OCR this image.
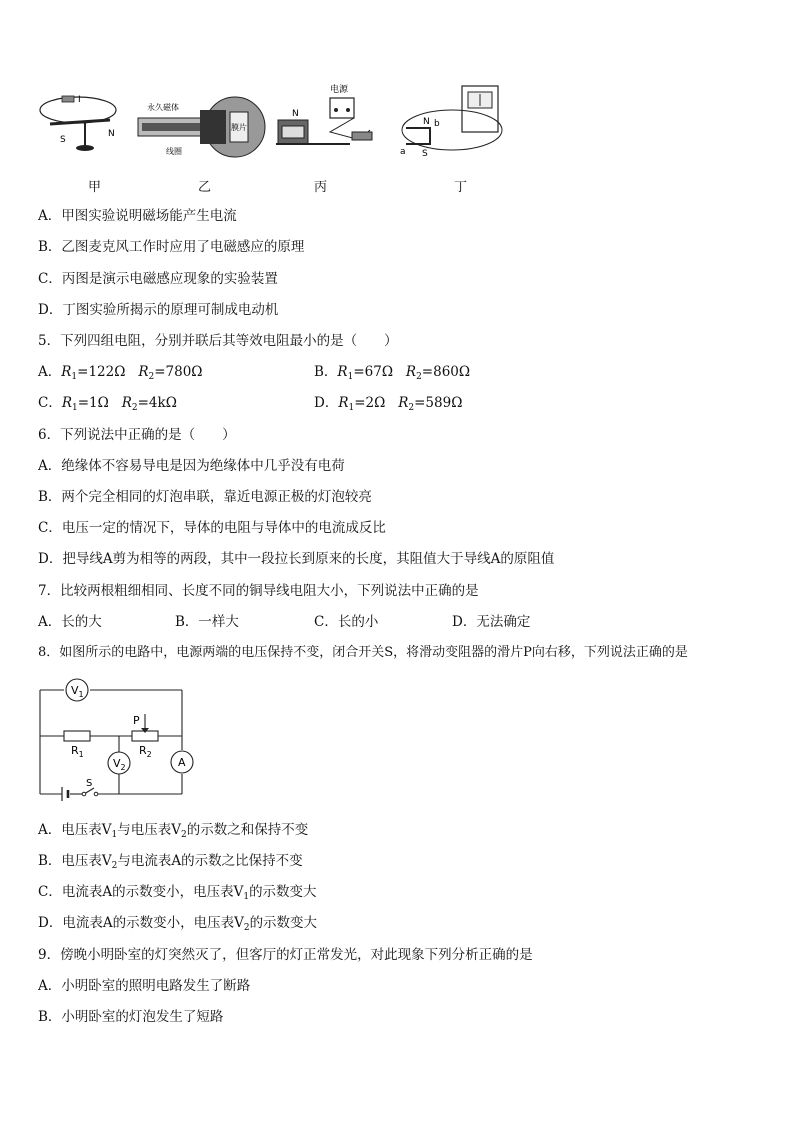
I
S
N
膜片
永久磁体
线圈
电源
N
N b
a S
甲	乙	丙	丁
A．甲图实验说明磁场能产生电流
B．乙图麦克风工作时应用了电磁感应的原理
C．丙图是演示电磁感应现象的实验装置
D．丁图实验所揭示的原理可制成电动机
5．下列四组电阻，分别并联后其等效电阻最小的是（　　）
A．$R_1=122\Omega$ $R_2=780\Omega$	B．$R_1=67\Omega$ $R_2=860\Omega$
C．$R_1=1\Omega$ $R_2=4k\Omega$	D．$R_1=2\Omega$ $R_2=589\Omega$
6．下列说法中正确的是（　　）
A．绝缘体不容易导电是因为绝缘体中几乎没有电荷
B．两个完全相同的灯泡串联，靠近电源正极的灯泡较亮
C．电压一定的情况下，导体的电阻与导体中的电流成反比
D．把导线A剪为相等的两段，其中一段拉长到原来的长度，其阻值大于导线A的原阻值
7．比较两根粗细相同、长度不同的铜导线电阻大小，下列说法中正确的是
A．长的大	B．一样大	C．长的小	D．无法确定
8．如图所示的电路中，电源两端的电压保持不变，闭合开关S，将滑动变阻器的滑片P向右移，下列说法正确的是
$V_1$
$V_2$	A
$R_1$	$R_2$
P
S
A．电压表$V_1$与电压表$V_2$的示数之和保持不变
B．电压表$V_2$与电流表A的示数之比保持不变
C．电流表A的示数变小，电压表$V_1$的示数变大
D．电流表A的示数变小，电压表$V_2$的示数变大
9．傍晚小明卧室的灯突然灭了，但客厅的灯正常发光，对此现象下列分析正确的是
A．小明卧室的照明电路发生了断路
B．小明卧室的灯泡发生了短路
